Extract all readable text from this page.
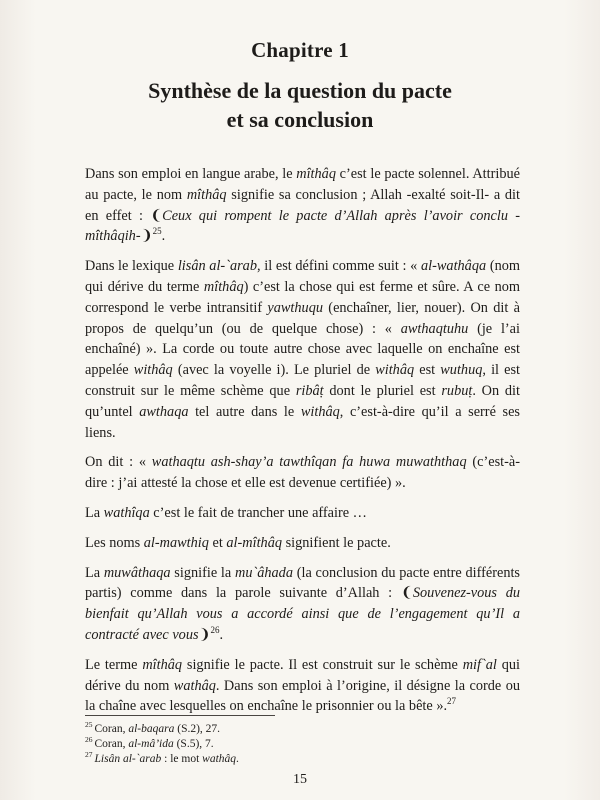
Chapitre 1
Synthèse de la question du pacte
et sa conclusion

Dans son emploi en langue arabe, le mîthâq c’est le pacte solennel. Attribué au pacte, le nom mîthâq signifie sa conclusion ; Allah -exalté soit-Il- a dit en effet : ❨Ceux qui rompent le pacte d’Allah après l’avoir conclu -mîthâqih-❩$^{25}$.

Dans le lexique lisân al-`arab, il est défini comme suit : « al-wathâqa (nom qui dérive du terme mîthâq) c’est la chose qui est ferme et sûre. A ce nom correspond le verbe intransitif yawthuqu (enchaîner, lier, nouer). On dit à propos de quelqu’un (ou de quelque chose) : « awthaqtuhu (je l’ai enchaîné) ». La corde ou toute autre chose avec laquelle on enchaîne est appelée withâq (avec la voyelle i). Le pluriel de withâq est wuthuq, il est construit sur le même schème que ribâṭ dont le pluriel est rubuṭ. On dit qu’untel awthaqa tel autre dans le withâq, c’est-à-dire qu’il a serré ses liens.

On dit : « wathaqtu ash-shay’a tawthîqan fa huwa muwaththaq (c’est-à-dire : j’ai attesté la chose et elle est devenue certifiée) ».

La wathîqa c’est le fait de trancher une affaire …

Les noms al-mawthiq et al-mîthâq signifient le pacte.

La muwâthaqa signifie la mu`âhada (la conclusion du pacte entre différents partis) comme dans la parole suivante d’Allah : ❨Souvenez-vous du bienfait qu’Allah vous a accordé ainsi que de l’engagement qu’Il a contracté avec vous❩$^{26}$.

Le terme mîthâq signifie le pacte. Il est construit sur le schème mif`al qui dérive du nom wathâq. Dans son emploi à l’origine, il désigne la corde ou la chaîne avec lesquelles on enchaîne le prisonnier ou la bête ».$^{27}$

$^{25}$ Coran, al-baqara (S.2), 27.

$^{26}$ Coran, al-mâ’ida (S.5), 7.

$^{27}$ Lisân al-`arab : le mot wathâq.

15
